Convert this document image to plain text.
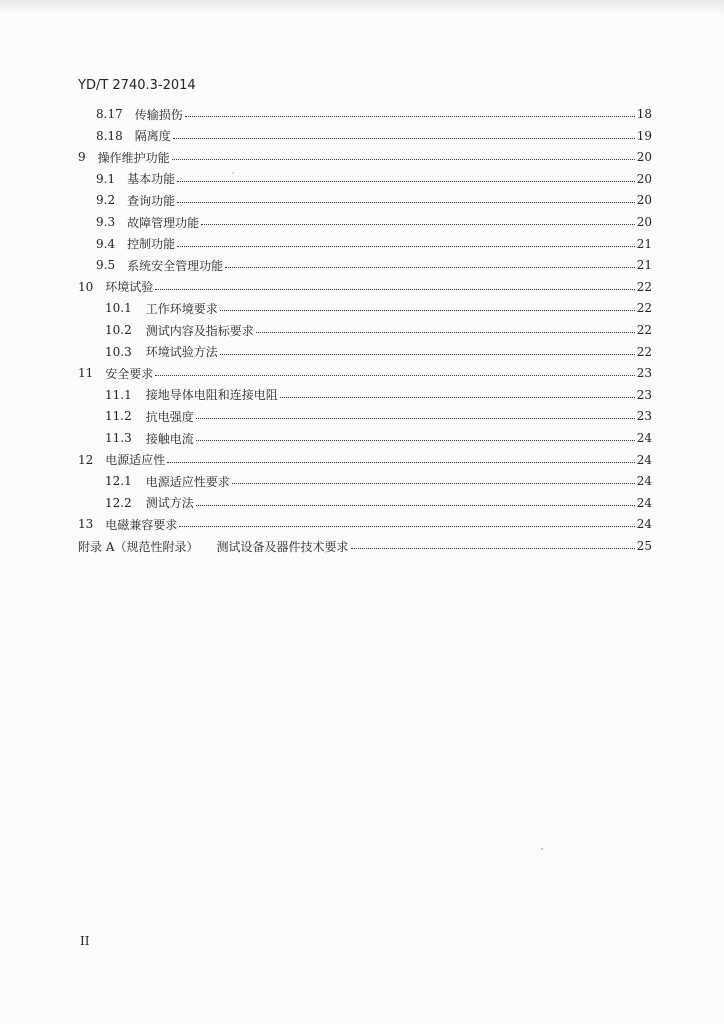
YD/T 2740.3-2014
8.17 传输损伤	18
8.18 隔离度	19
9 操作维护功能	20
9.1 基本功能	20
9.2 查询功能	20
9.3 故障管理功能	20
9.4 控制功能	21
9.5 系统安全管理功能	21
10 环境试验	22
10.1 工作环境要求	22
10.2 测试内容及指标要求	22
10.3 环境试验方法	22
11 安全要求	23
11.1 接地导体电阻和连接电阻	23
11.2 抗电强度	23
11.3 接触电流	24
12 电源适应性	24
12.1 电源适应性要求	24
12.2 测试方法	24
13 电磁兼容要求	24
附录 A（规范性附录） 测试设备及器件技术要求	25
II
